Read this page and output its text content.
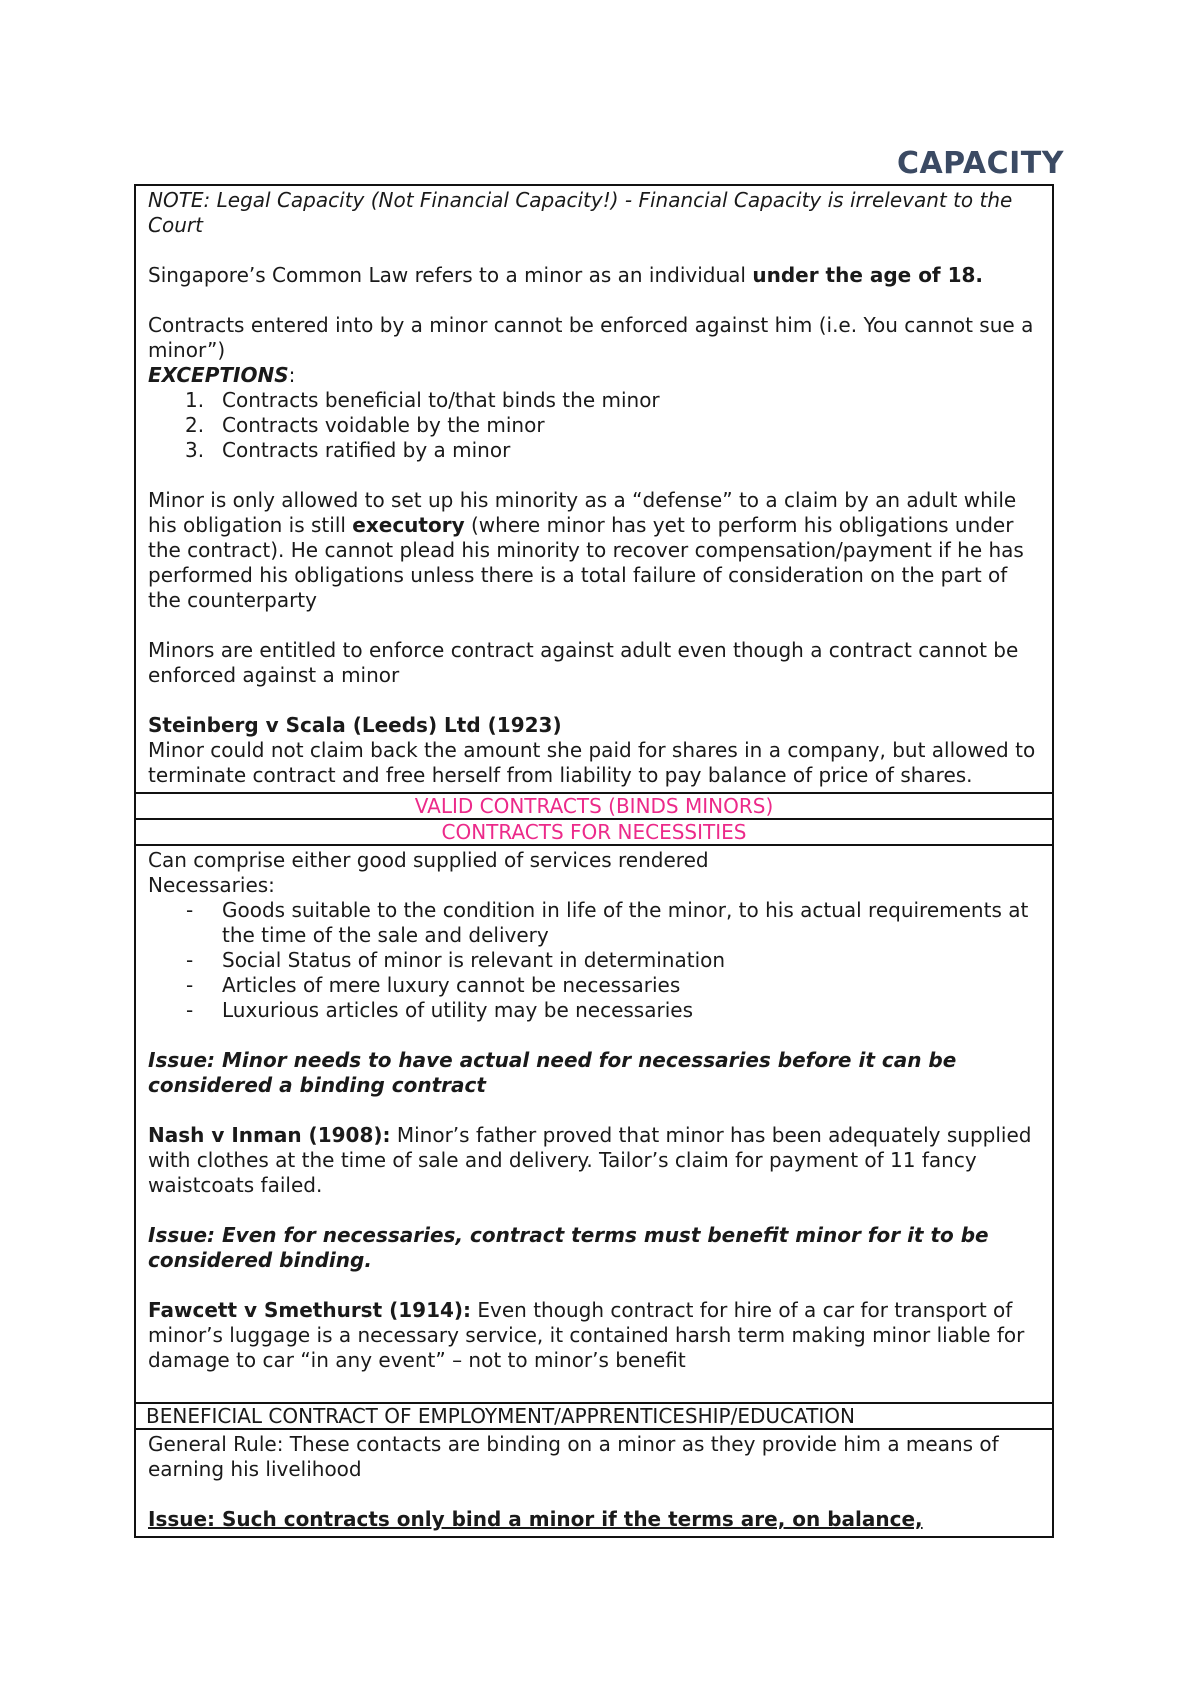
CAPACITY

NOTE: Legal Capacity (Not Financial Capacity!) - Financial Capacity is irrelevant to the Court

Singapore’s Common Law refers to a minor as an individual under the age of 18.

Contracts entered into by a minor cannot be enforced against him (i.e. You cannot sue a minor”)

EXCEPTIONS:

1. Contracts beneficial to/that binds the minor
2. Contracts voidable by the minor
3. Contracts ratified by a minor

Minor is only allowed to set up his minority as a “defense” to a claim by an adult while his obligation is still executory (where minor has yet to perform his obligations under the contract). He cannot plead his minority to recover compensation/payment if he has performed his obligations unless there is a total failure of consideration on the part of the counterparty

Minors are entitled to enforce contract against adult even though a contract cannot be enforced against a minor

Steinberg v Scala (Leeds) Ltd (1923)

Minor could not claim back the amount she paid for shares in a company, but allowed to terminate contract and free herself from liability to pay balance of price of shares.

VALID CONTRACTS (BINDS MINORS)
CONTRACTS FOR NECESSITIES

Can comprise either good supplied of services rendered

Necessaries:

- Goods suitable to the condition in life of the minor, to his actual requirements at the time of the sale and delivery
- Social Status of minor is relevant in determination
- Articles of mere luxury cannot be necessaries
- Luxurious articles of utility may be necessaries

Issue: Minor needs to have actual need for necessaries before it can be considered a binding contract

Nash v Inman (1908): Minor’s father proved that minor has been adequately supplied with clothes at the time of sale and delivery. Tailor’s claim for payment of 11 fancy waistcoats failed.

Issue: Even for necessaries, contract terms must benefit minor for it to be considered binding.

Fawcett v Smethurst (1914): Even though contract for hire of a car for transport of minor’s luggage is a necessary service, it contained harsh term making minor liable for damage to car “in any event” – not to minor’s benefit

BENEFICIAL CONTRACT OF EMPLOYMENT/APPRENTICESHIP/EDUCATION

General Rule: These contacts are binding on a minor as they provide him a means of earning his livelihood

Issue: Such contracts only bind a minor if the terms are, on balance,
